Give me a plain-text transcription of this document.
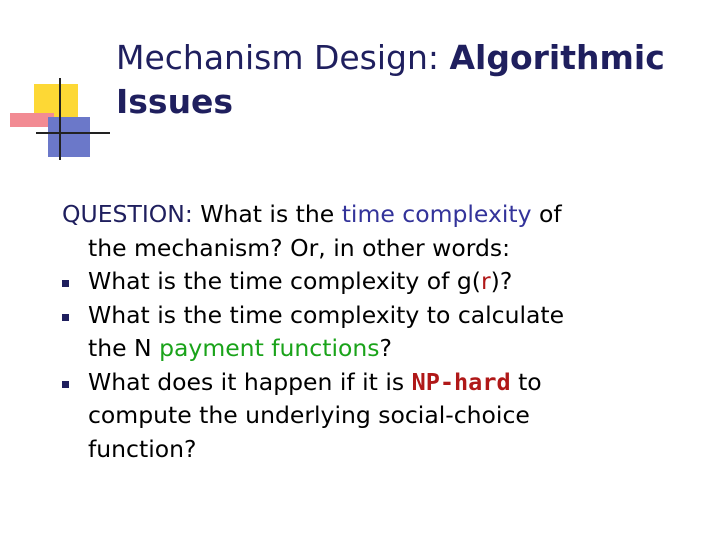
Mechanism Design: Algorithmic
Issues
QUESTION: What is the time complexity of
the mechanism? Or, in other words:
What is the time complexity of g(r)?
What is the time complexity to calculate
the N payment functions?
What does it happen if it is NP-hard to
compute the underlying social-choice
function?
